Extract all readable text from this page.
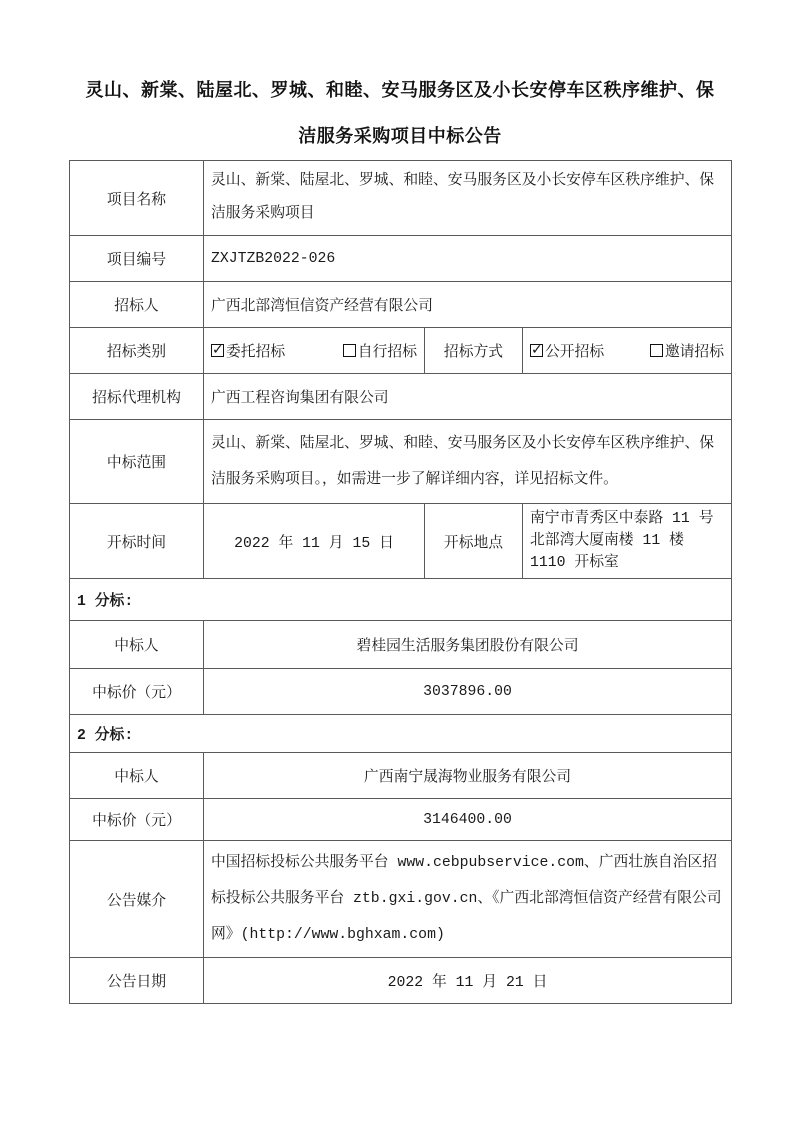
灵山、新棠、陆屋北、罗城、和睦、安马服务区及小长安停车区秩序维护、保洁服务采购项目中标公告
项目名称	灵山、新棠、陆屋北、罗城、和睦、安马服务区及小长安停车区秩序维护、保洁服务采购项目		
项目编号	ZXJTZB2022-026		
招标人	广西北部湾恒信资产经营有限公司		
招标类别	✓ 委托招标 自行招标	招标方式	✓ 公开招标 邀请招标

招标代理机构	广西工程咨询集团有限公司		
中标范围	灵山、新棠、陆屋北、罗城、和睦、安马服务区及小长安停车区秩序维护、保洁服务采购项目。，如需进一步了解详细内容，详见招标文件。		
开标时间	2022 年 11 月 15 日	开标地点	南宁市青秀区中泰路 11 号北部湾大厦南楼 11 楼 1110 开标室
1 分标:			
中标人	碧桂园生活服务集团股份有限公司		
中标价（元）	3037896.00		
2 分标:			
中标人	广西南宁晟海物业服务有限公司		
中标价（元）	3146400.00		
公告媒介	中国招标投标公共服务平台 www.cebpubservice.com、广西壮族自治区招标投标公共服务平台 ztb.gxi.gov.cn、《广西北部湾恒信资产经营有限公司网》(http://www.bghxam.com)		
公告日期	2022 年 11 月 21 日		
